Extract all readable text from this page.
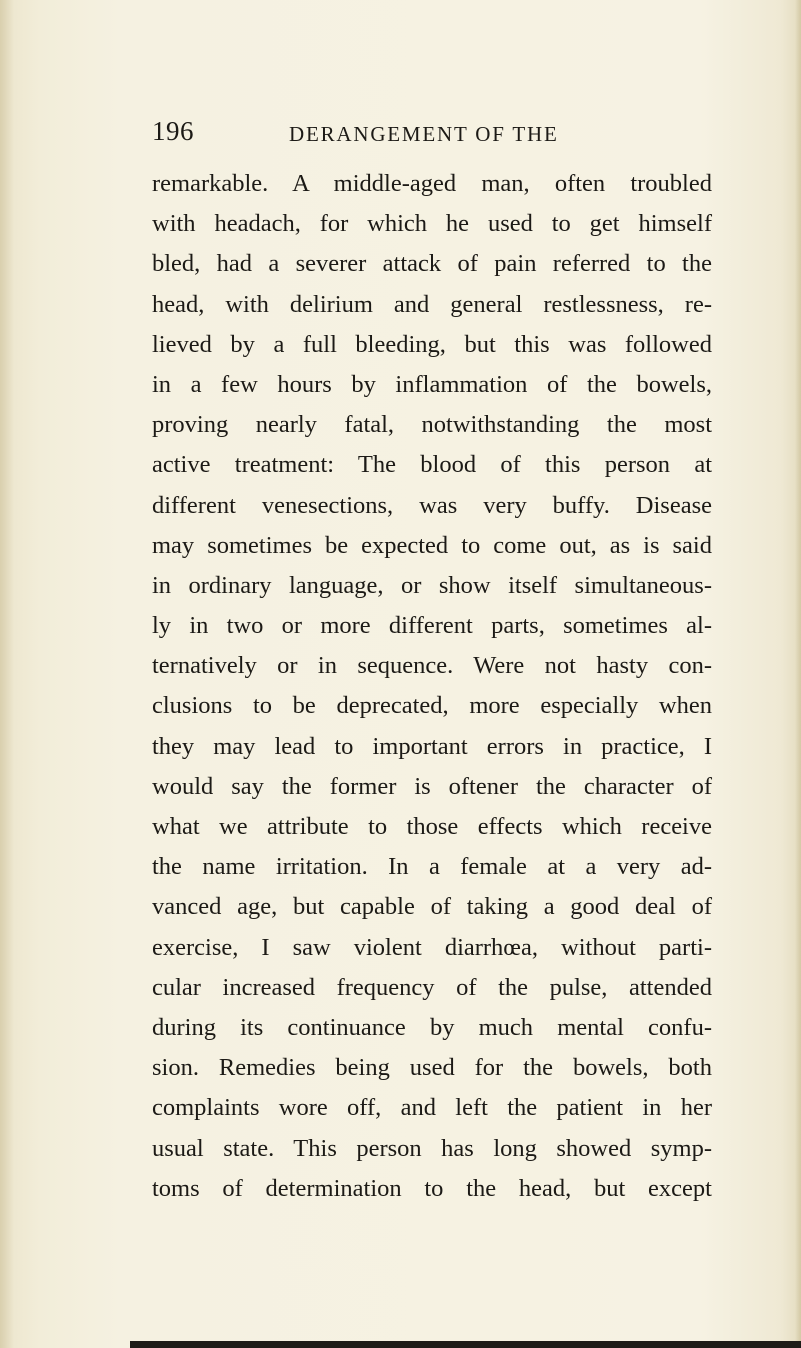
196	DERANGEMENT OF THE
remarkable. A middle-aged man, often troubled
with headach, for which he used to get himself
bled, had a severer attack of pain referred to the
head, with delirium and general restlessness, re-
lieved by a full bleeding, but this was followed
in a few hours by inflammation of the bowels,
proving nearly fatal, notwithstanding the most
active treatment: The blood of this person at
different venesections, was very buffy. Disease
may sometimes be expected to come out, as is said
in ordinary language, or show itself simultaneous-
ly in two or more different parts, sometimes al-
ternatively or in sequence. Were not hasty con-
clusions to be deprecated, more especially when
they may lead to important errors in practice, I
would say the former is oftener the character of
what we attribute to those effects which receive
the name irritation. In a female at a very ad-
vanced age, but capable of taking a good deal of
exercise, I saw violent diarrhœa, without parti-
cular increased frequency of the pulse, attended
during its continuance by much mental confu-
sion. Remedies being used for the bowels, both
complaints wore off, and left the patient in her
usual state. This person has long showed symp-
toms of determination to the head, but except
